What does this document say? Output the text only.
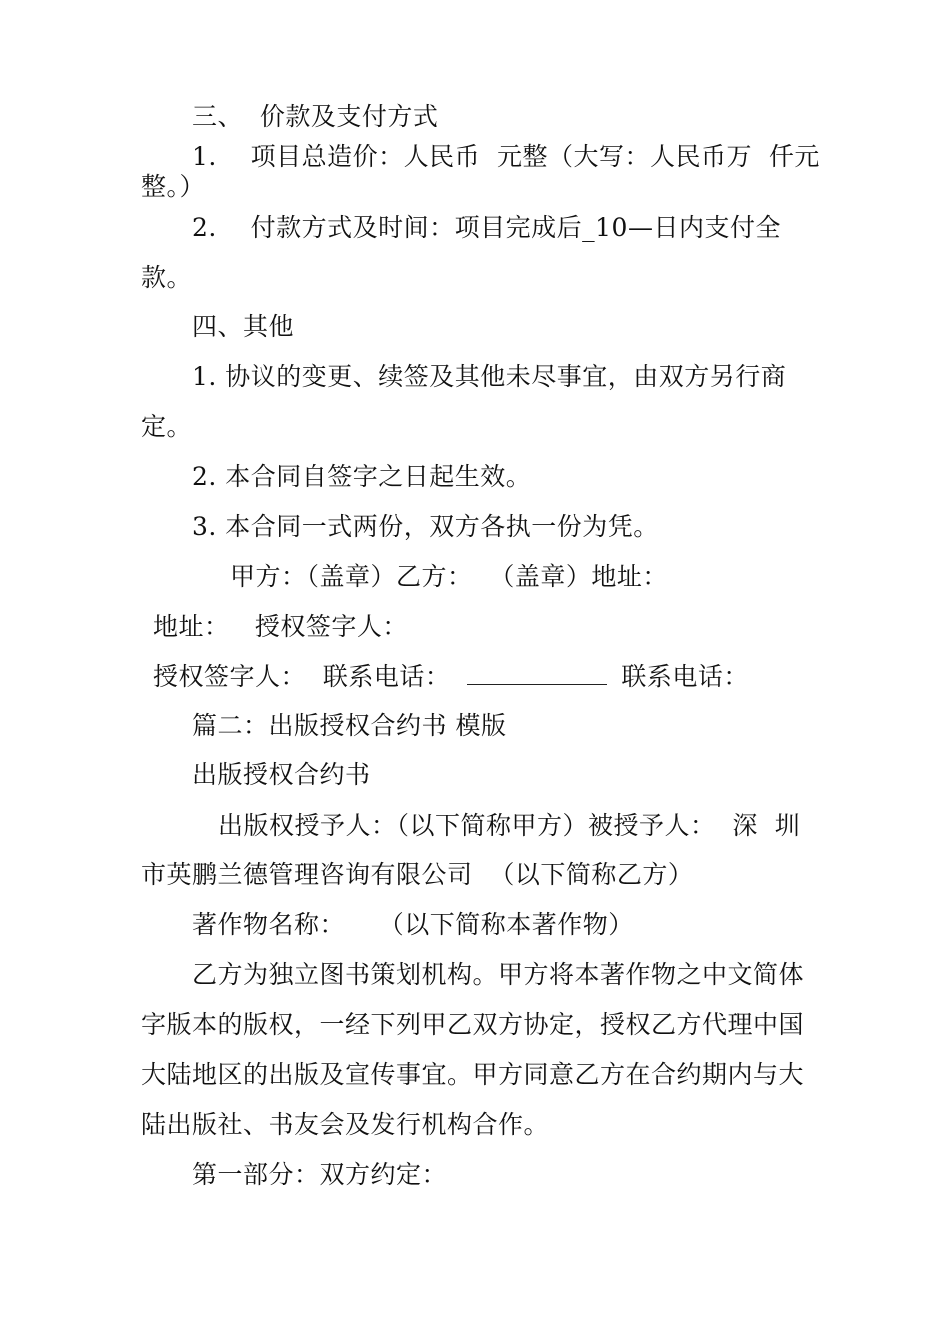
三、  价款及支付方式

1.    项目总造价：人民币  元整（大写：人民币万  仟元

整。）

2.    付款方式及时间：项目完成后_10—日内支付全

款。

四、其他

1. 协议的变更、续签及其他未尽事宜，由双方另行商

定。

2. 本合同自签字之日起生效。

3. 本合同一式两份，双方各执一份为凭。

甲方：（盖章）乙方：  （盖章）地址：

地址：   授权签字人：

授权签字人：  联系电话：	联系电话：

篇二：出版授权合约书 模版

出版授权合约书

出版权授予人：（以下简称甲方）被授予人：  深  圳

市英鹏兰德管理咨询有限公司  （以下简称乙方）

著作物名称：    （以下简称本著作物）

乙方为独立图书策划机构。甲方将本著作物之中文简体

字版本的版权，一经下列甲乙双方协定，授权乙方代理中国

大陆地区的出版及宣传事宜。甲方同意乙方在合约期内与大

陆出版社、书友会及发行机构合作。

第一部分：双方约定：
